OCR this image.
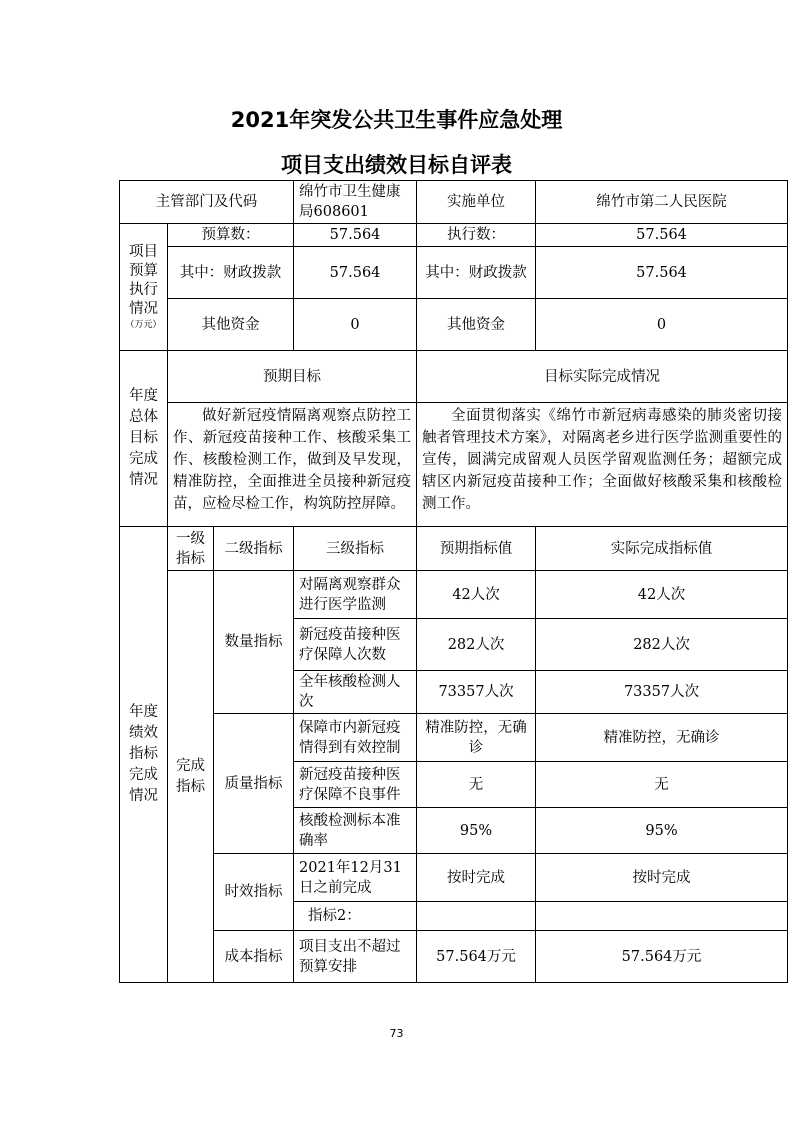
2021年突发公共卫生事件应急处理
项目支出绩效目标自评表
主管部门及代码			绵竹市卫生健康局608601	实施单位	绵竹市第二人民医院
项目预算执行情况
（万元）	预算数：		57.564	执行数：	57.564
	其中：财政拨款		57.564	其中：财政拨款	57.564
	其他资金		0	其他资金	0
年度总体目标完成情况	预期目标			目标实际完成情况	
	做好新冠疫情隔离观察点防控工作、新冠疫苗接种工作、核酸采集工作、核酸检测工作，做到及早发现，精准防控，全面推进全员接种新冠疫苗，应检尽检工作，构筑防控屏障。			全面贯彻落实《绵竹市新冠病毒感染的肺炎密切接触者管理技术方案》，对隔离老乡进行医学监测重要性的宣传，圆满完成留观人员医学留观监测任务；超额完成辖区内新冠疫苗接种工作；全面做好核酸采集和核酸检测工作。	
年度绩效指标完成情况	一级指标	二级指标	三级指标	预期指标值	实际完成指标值
	完成指标	数量指标	对隔离观察群众进行医学监测	42人次	42人次
			新冠疫苗接种医疗保障人次数	282人次	282人次
			全年核酸检测人次	73357人次	73357人次
		质量指标	保障市内新冠疫情得到有效控制	精准防控，无确诊	精准防控，无确诊
			新冠疫苗接种医疗保障不良事件	无	无
			核酸检测标本准确率	95%	95%
		时效指标	2021年12月31日之前完成	按时完成	按时完成
			指标2：		
		成本指标	项目支出不超过预算安排	57.564万元	57.564万元
73
